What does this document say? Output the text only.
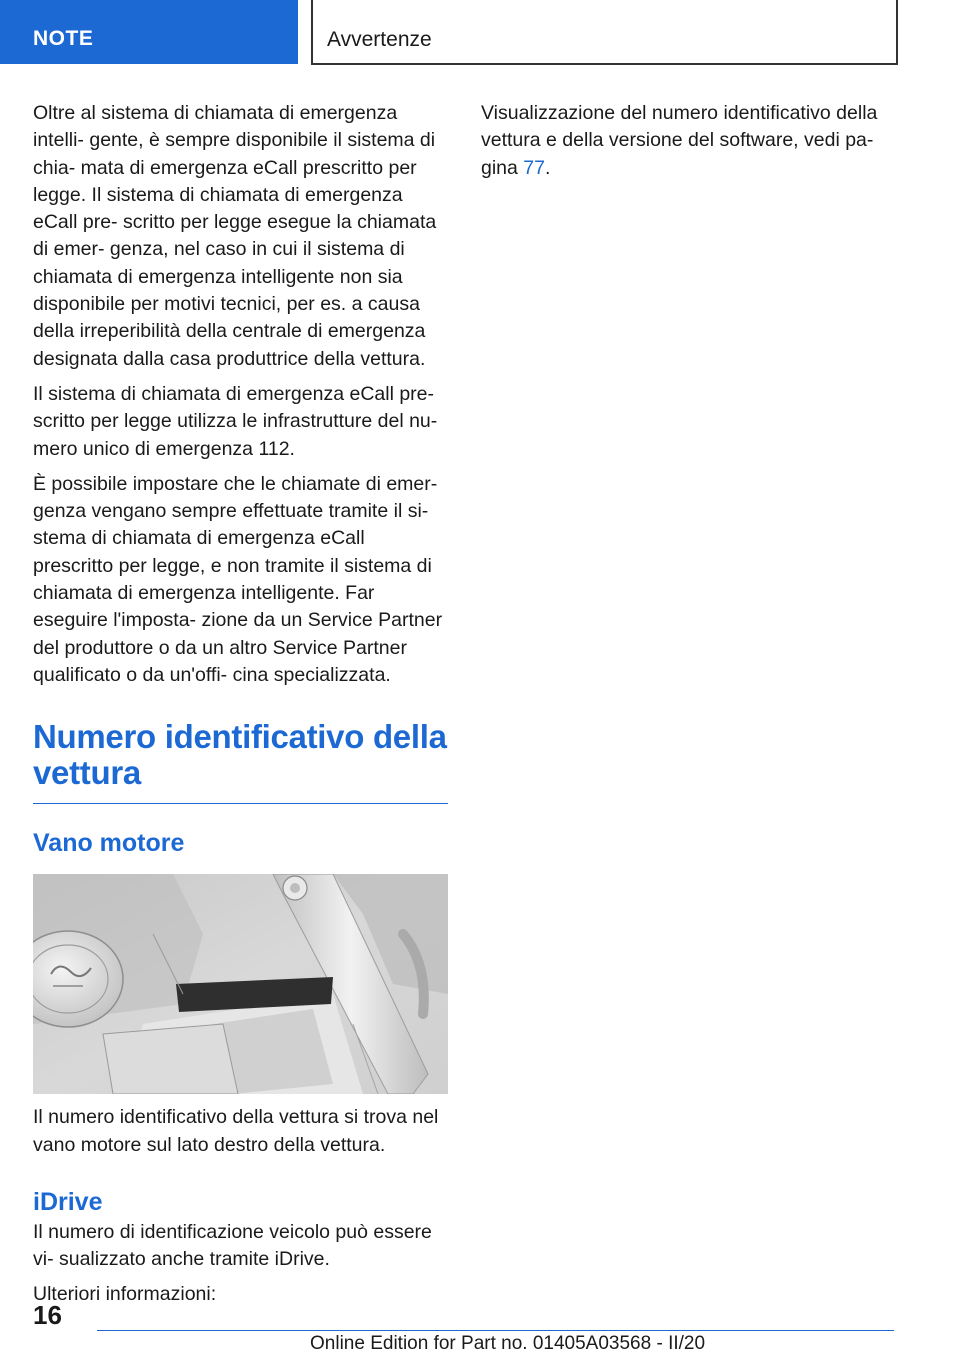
NOTE	Avvertenze

Oltre al sistema di chiamata di emergenza intelli- gente, è sempre disponibile il sistema di chia- mata di emergenza eCall prescritto per legge. Il sistema di chiamata di emergenza eCall pre- scritto per legge esegue la chiamata di emer- genza, nel caso in cui il sistema di chiamata di emergenza intelligente non sia disponibile per motivi tecnici, per es. a causa della irreperibilità della centrale di emergenza designata dalla casa produttrice della vettura.

Il sistema di chiamata di emergenza eCall pre- scritto per legge utilizza le infrastrutture del nu- mero unico di emergenza 112.

È possibile impostare che le chiamate di emer- genza vengano sempre effettuate tramite il si- stema di chiamata di emergenza eCall prescritto per legge, e non tramite il sistema di chiamata di emergenza intelligente. Far eseguire l'imposta- zione da un Service Partner del produttore o da un altro Service Partner qualificato o da un'offi- cina specializzata.

Numero identificativo della vettura
Vano motore

Il numero identificativo della vettura si trova nel vano motore sul lato destro della vettura.

iDrive

Il numero di identificazione veicolo può essere vi- sualizzato anche tramite iDrive.

Ulteriori informazioni:

Visualizzazione del numero identificativo della vettura e della versione del software, vedi pa- gina 77.

16
Online Edition for Part no. 01405A03568 - II/20
